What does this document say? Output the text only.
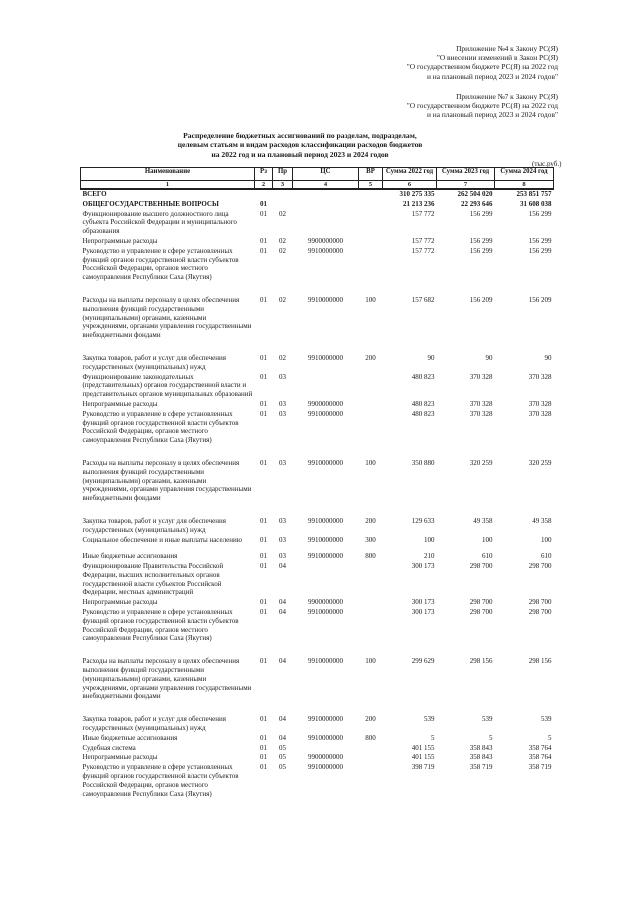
Приложение №4 к Закону РС(Я)
"О внесении изменений в Закон РС(Я)
"О государственном бюджете РС(Я) на 2022 год
и на плановый период 2023 и 2024 годов"
Приложение №7 к Закону РС(Я)
"О государственном бюджете РС(Я) на 2022 год
и на плановый период 2023 и 2024 годов"
Распределение бюджетных ассигнований по разделам, подразделам,
целевым статьям и видам расходов классификации расходов бюджетов
на 2022 год и на плановый период 2023 и 2024 годов
(тыс.руб.)
Наименование	Рз	Пр	ЦС	ВР	Сумма 2022 год	Сумма 2023 год	Сумма 2024 год
1	2	3	4	5	6	7	8
ВСЕГО					310 275 335	262 504 020	253 851 757
ОБЩЕГОСУДАРСТВЕННЫЕ ВОПРОСЫ	01				21 213 236	22 293 646	31 608 038
Функционирование высшего должностного лица субъекта Российской Федерации и муниципального образования	01	02			157 772	156 299	156 299
Непрограммные расходы	01	02	9900000000		157 772	156 299	156 299
Руководство и управление в сфере установленных функций органов государственной власти субъектов Российской Федерации, органов местного самоуправления Республики Саха (Якутия)	01	02	9910000000		157 772	156 299	156 299
Расходы на выплаты персоналу в целях обеспечения выполнения функций государственными (муниципальными) органами, казенными учреждениями, органами управления государственными внебюджетными фондами	01	02	9910000000	100	157 682	156 209	156 209
Закупка товаров, работ и услуг для обеспечения государственных (муниципальных) нужд	01	02	9910000000	200	90	90	90
Функционирование законодательных (представительных) органов государственной власти и представительных органов муниципальных образований	01	03			480 823	370 328	370 328
Непрограммные расходы	01	03	9900000000		480 823	370 328	370 328
Руководство и управление в сфере установленных функций органов государственной власти субъектов Российской Федерации, органов местного самоуправления Республики Саха (Якутия)	01	03	9910000000		480 823	370 328	370 328
Расходы на выплаты персоналу в целях обеспечения выполнения функций государственными (муниципальными) органами, казенными учреждениями, органами управления государственными внебюджетными фондами	01	03	9910000000	100	350 880	320 259	320 259
Закупка товаров, работ и услуг для обеспечения государственных (муниципальных) нужд	01	03	9910000000	200	129 633	49 358	49 358
Социальное обеспечение и иные выплаты населению	01	03	9910000000	300	100	100	100
Иные бюджетные ассигнования	01	03	9910000000	800	210	610	610
Функционирование Правительства Российской Федерации, высших исполнительных органов государственной власти субъектов Российской Федерации, местных администраций	01	04			300 173	298 700	298 700
Непрограммные расходы	01	04	9900000000		300 173	298 700	298 700
Руководство и управление в сфере установленных функций органов государственной власти субъектов Российской Федерации, органов местного самоуправления Республики Саха (Якутия)	01	04	9910000000		300 173	298 700	298 700
Расходы на выплаты персоналу в целях обеспечения выполнения функций государственными (муниципальными) органами, казенными учреждениями, органами управления государственными внебюджетными фондами	01	04	9910000000	100	299 629	298 156	298 156
Закупка товаров, работ и услуг для обеспечения государственных (муниципальных) нужд	01	04	9910000000	200	539	539	539
Иные бюджетные ассигнования	01	04	9910000000	800	5	5	5
Судебная система	01	05			401 155	358 843	358 764
Непрограммные расходы	01	05	9900000000		401 155	358 843	358 764
Руководство и управление в сфере установленных функций органов государственной власти субъектов Российской Федерации, органов местного самоуправления Республики Саха (Якутия)	01	05	9910000000		398 719	358 719	358 719
